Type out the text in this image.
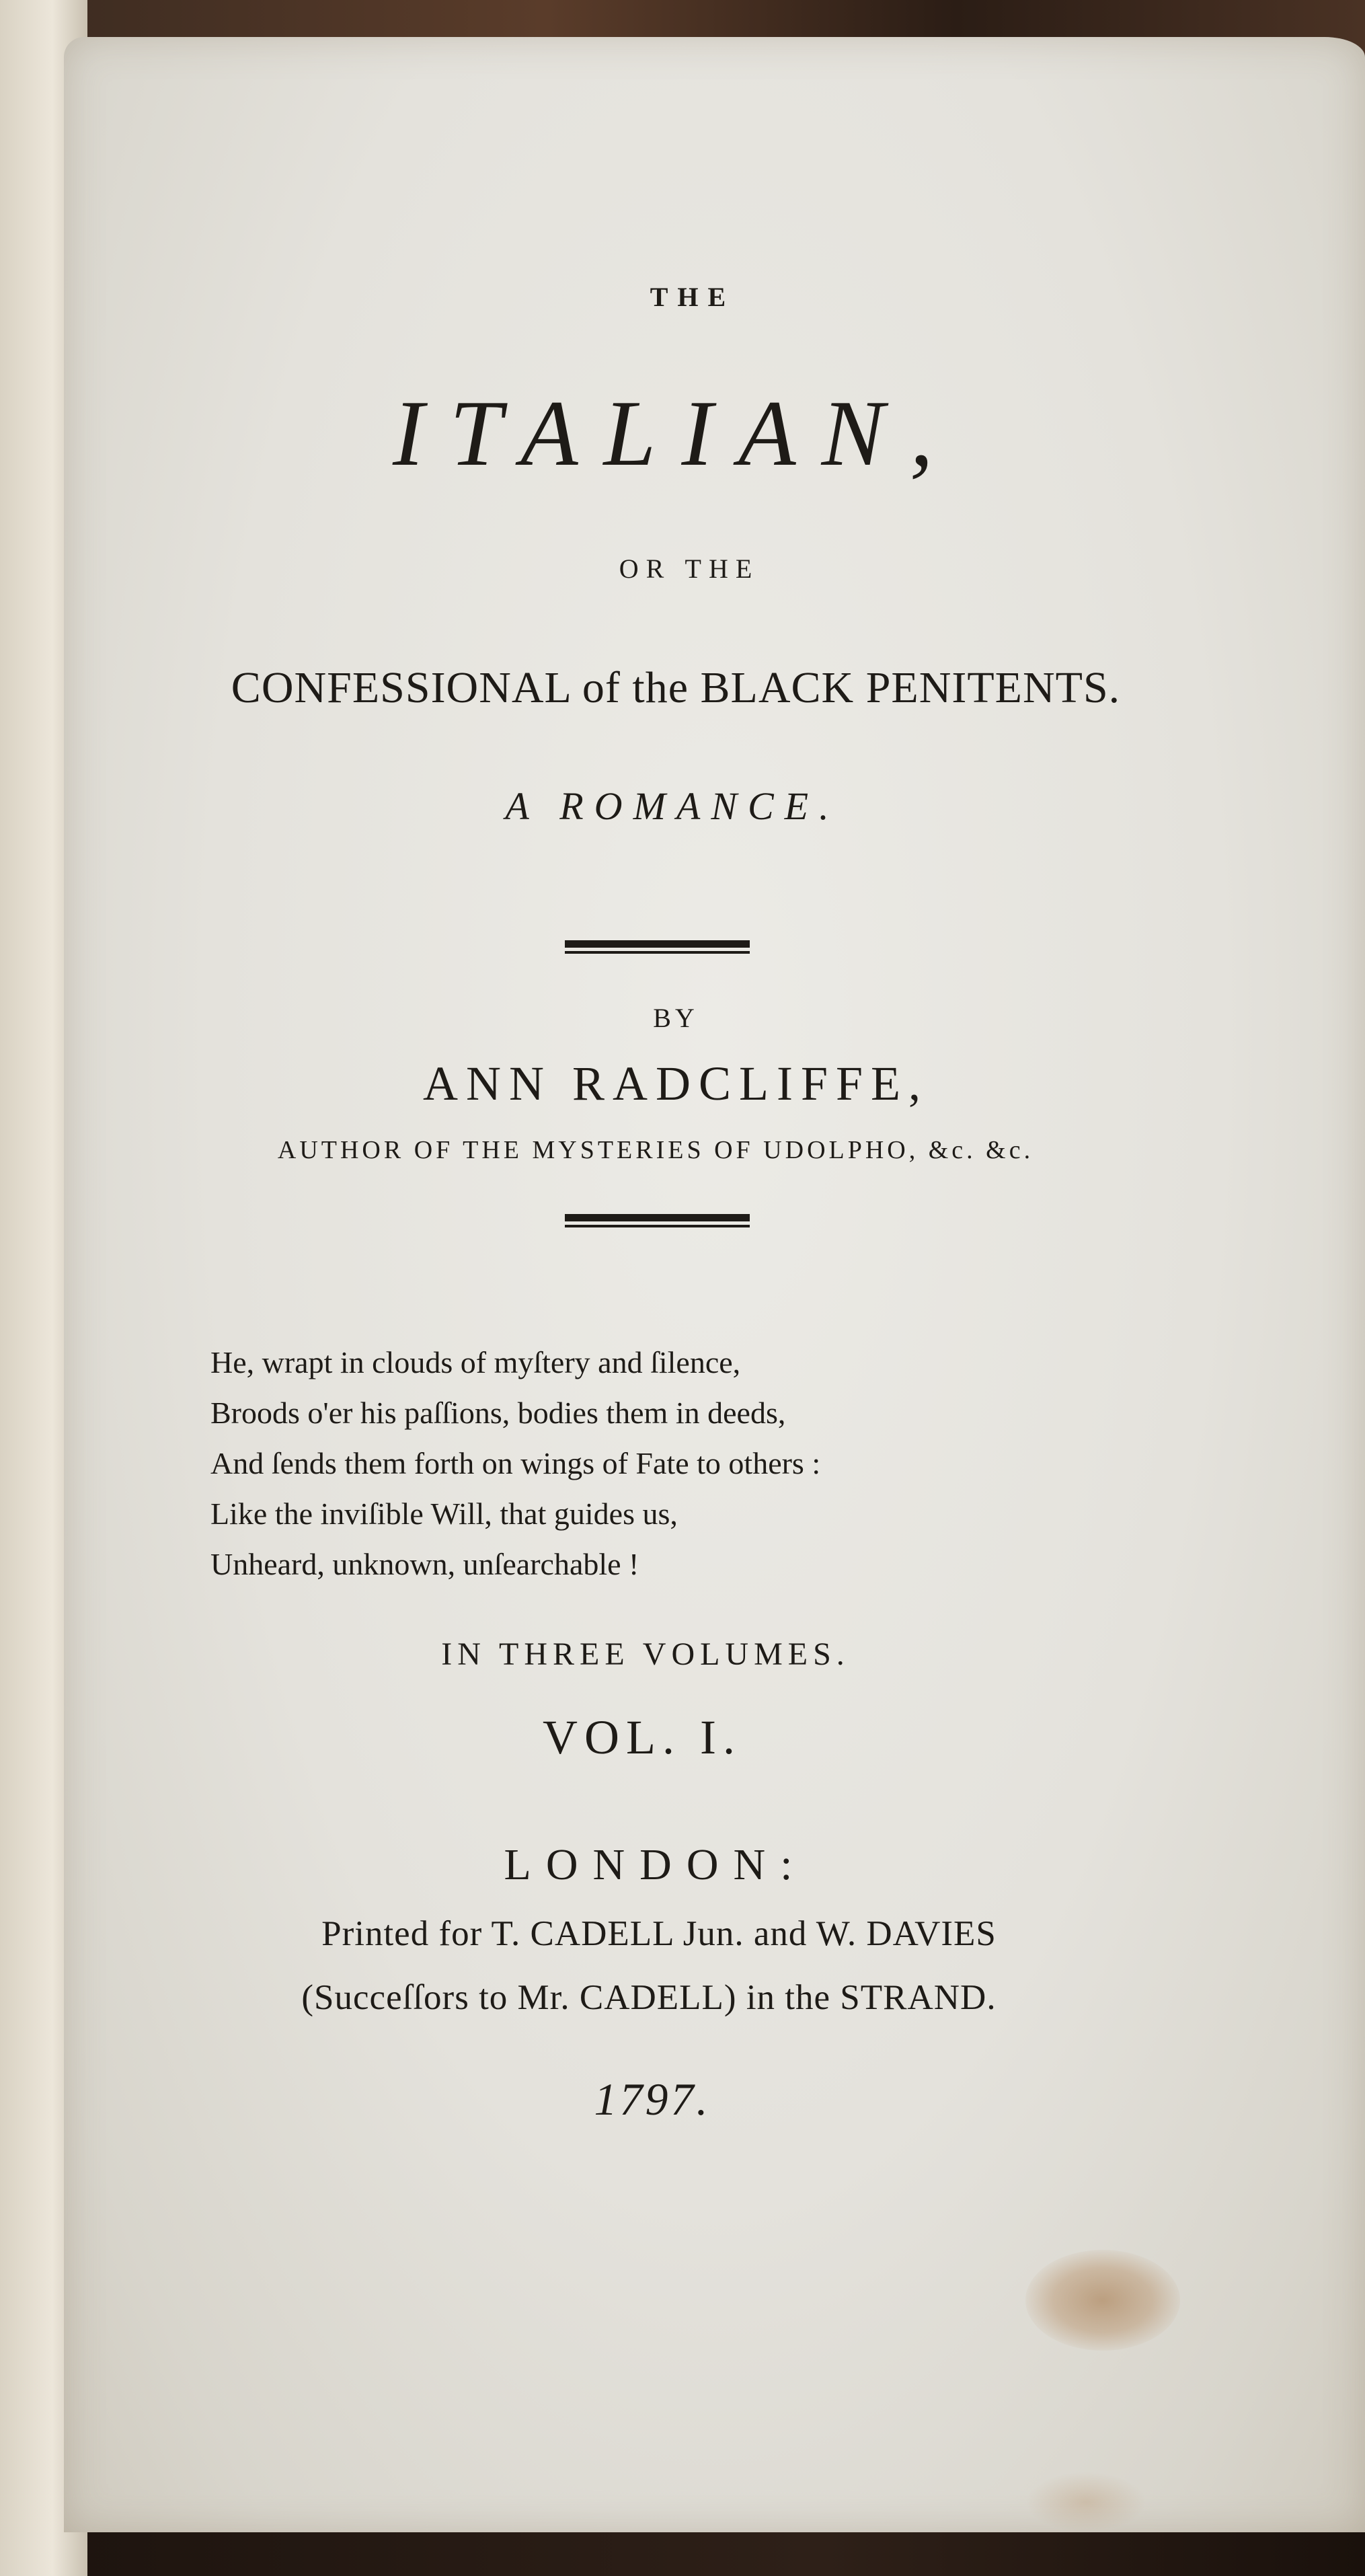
THE
ITALIAN,
OR THE
CONFESSIONAL of the BLACK PENITENTS.
A ROMANCE.
BY
ANN RADCLIFFE,
AUTHOR OF THE MYSTERIES OF UDOLPHO, &c. &c.
He, wrapt in clouds of myſtery and ſilence,
Broods o'er his paſſions, bodies them in deeds,
And ſends them forth on wings of Fate to others :
Like the inviſible Will, that guides us,
Unheard, unknown, unſearchable !
IN THREE VOLUMES.
VOL. I.
LONDON:
Printed for T. CADELL Jun. and W. DAVIES
(Succeſſors to Mr. CADELL) in the STRAND.
1797.
